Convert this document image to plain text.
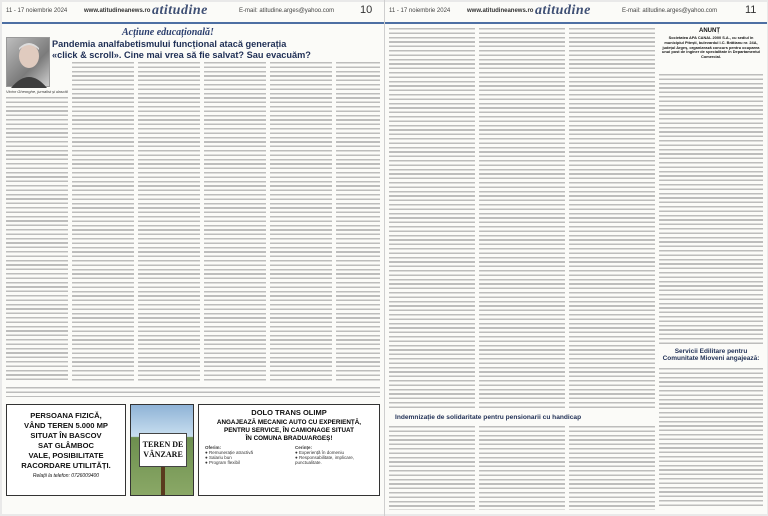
11 - 17 noiembrie 2024	www.atitudineanews.ro atitudine	E-mail: atitudine.arges@yahoo.com 10
Acțiune educațională!
Pandemia analfabetismului funcțional atacă generația
«click & scroll». Cine mai vrea să fie salvat? Sau evacuăm?
Victor Gheorghe, jurnalist și dascăl
PERSOANA FIZICĂ,
VÂND TEREN 5.000 MP
SITUAT ÎN BASCOV
SAT GLÂMBOC
VALE, POSIBILITATE
RACORDARE UTILITĂȚI.
Relații la telefon: 0726009400
TEREN DE VÂNZARE
DOLO TRANS OLIMP
ANGAJEAZĂ MECANIC AUTO CU EXPERIENȚĂ,
PENTRU SERVICE, ÎN CAMIONAGE SITUAT
ÎN COMUNA BRADU/ARGEȘ!
Oferim:
● Remunerație atractivă
● Salariu bun
● Program flexibil
Cerințe:
● Experiență în domeniu
● Responsabilitate, implicare, punctualitate.
11 - 17 noiembrie 2024	www.atitudineanews.ro atitudine	E-mail: atitudine.arges@yahoo.com	11
ANUNȚ
Societatea APA CANAL 2000 S.A., cu sediul în municipiul Pitești, bulevardul I.C. Brătianu nr. 24A, județul Argeș, organizează concurs pentru ocuparea unui post de inginer de specialitate în Departamentul Comercial.
Servicii Edilitare pentru
Comunitate Mioveni angajează:
Indemnizație de solidaritate pentru pensionarii cu handicap
